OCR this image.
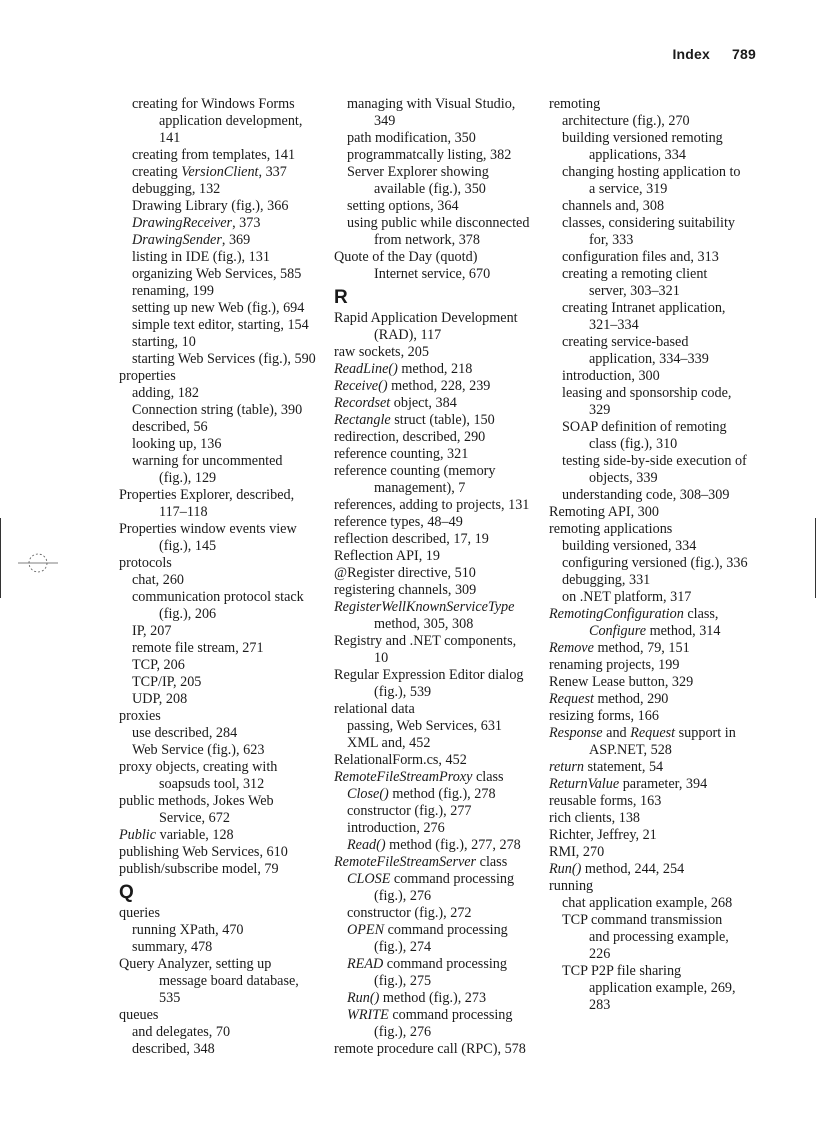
Index 789
creating for Windows Forms
application development,
141
creating from templates, 141
creating VersionClient, 337
debugging, 132
Drawing Library (fig.), 366
DrawingReceiver, 373
DrawingSender, 369
listing in IDE (fig.), 131
organizing Web Services, 585
renaming, 199
setting up new Web (fig.), 694
simple text editor, starting, 154
starting, 10
starting Web Services (fig.), 590
properties
adding, 182
Connection string (table), 390
described, 56
looking up, 136
warning for uncommented
(fig.), 129
Properties Explorer, described,
117–118
Properties window events view
(fig.), 145
protocols
chat, 260
communication protocol stack
(fig.), 206
IP, 207
remote file stream, 271
TCP, 206
TCP/IP, 205
UDP, 208
proxies
use described, 284
Web Service (fig.), 623
proxy objects, creating with
soapsuds tool, 312
public methods, Jokes Web
Service, 672
Public variable, 128
publishing Web Services, 610
publish/subscribe model, 79
Q
queries
running XPath, 470
summary, 478
Query Analyzer, setting up
message board database,
535
queues
and delegates, 70
described, 348
managing with Visual Studio,
349
path modification, 350
programmatcally listing, 382
Server Explorer showing
available (fig.), 350
setting options, 364
using public while disconnected
from network, 378
Quote of the Day (quotd)
Internet service, 670
R
Rapid Application Development
(RAD), 117
raw sockets, 205
ReadLine() method, 218
Receive() method, 228, 239
Recordset object, 384
Rectangle struct (table), 150
redirection, described, 290
reference counting, 321
reference counting (memory
management), 7
references, adding to projects, 131
reference types, 48–49
reflection described, 17, 19
Reflection API, 19
@Register directive, 510
registering channels, 309
RegisterWellKnownServiceType
method, 305, 308
Registry and .NET components,
10
Regular Expression Editor dialog
(fig.), 539
relational data
passing, Web Services, 631
XML and, 452
RelationalForm.cs, 452
RemoteFileStreamProxy class
Close() method (fig.), 278
constructor (fig.), 277
introduction, 276
Read() method (fig.), 277, 278
RemoteFileStreamServer class
CLOSE command processing
(fig.), 276
constructor (fig.), 272
OPEN command processing
(fig.), 274
READ command processing
(fig.), 275
Run() method (fig.), 273
WRITE command processing
(fig.), 276
remote procedure call (RPC), 578
remoting
architecture (fig.), 270
building versioned remoting
applications, 334
changing hosting application to
a service, 319
channels and, 308
classes, considering suitability
for, 333
configuration files and, 313
creating a remoting client
server, 303–321
creating Intranet application,
321–334
creating service-based
application, 334–339
introduction, 300
leasing and sponsorship code,
329
SOAP definition of remoting
class (fig.), 310
testing side-by-side execution of
objects, 339
understanding code, 308–309
Remoting API, 300
remoting applications
building versioned, 334
configuring versioned (fig.), 336
debugging, 331
on .NET platform, 317
RemotingConfiguration class,
Configure method, 314
Remove method, 79, 151
renaming projects, 199
Renew Lease button, 329
Request method, 290
resizing forms, 166
Response and Request support in
ASP.NET, 528
return statement, 54
ReturnValue parameter, 394
reusable forms, 163
rich clients, 138
Richter, Jeffrey, 21
RMI, 270
Run() method, 244, 254
running
chat application example, 268
TCP command transmission
and processing example,
226
TCP P2P file sharing
application example, 269,
283
